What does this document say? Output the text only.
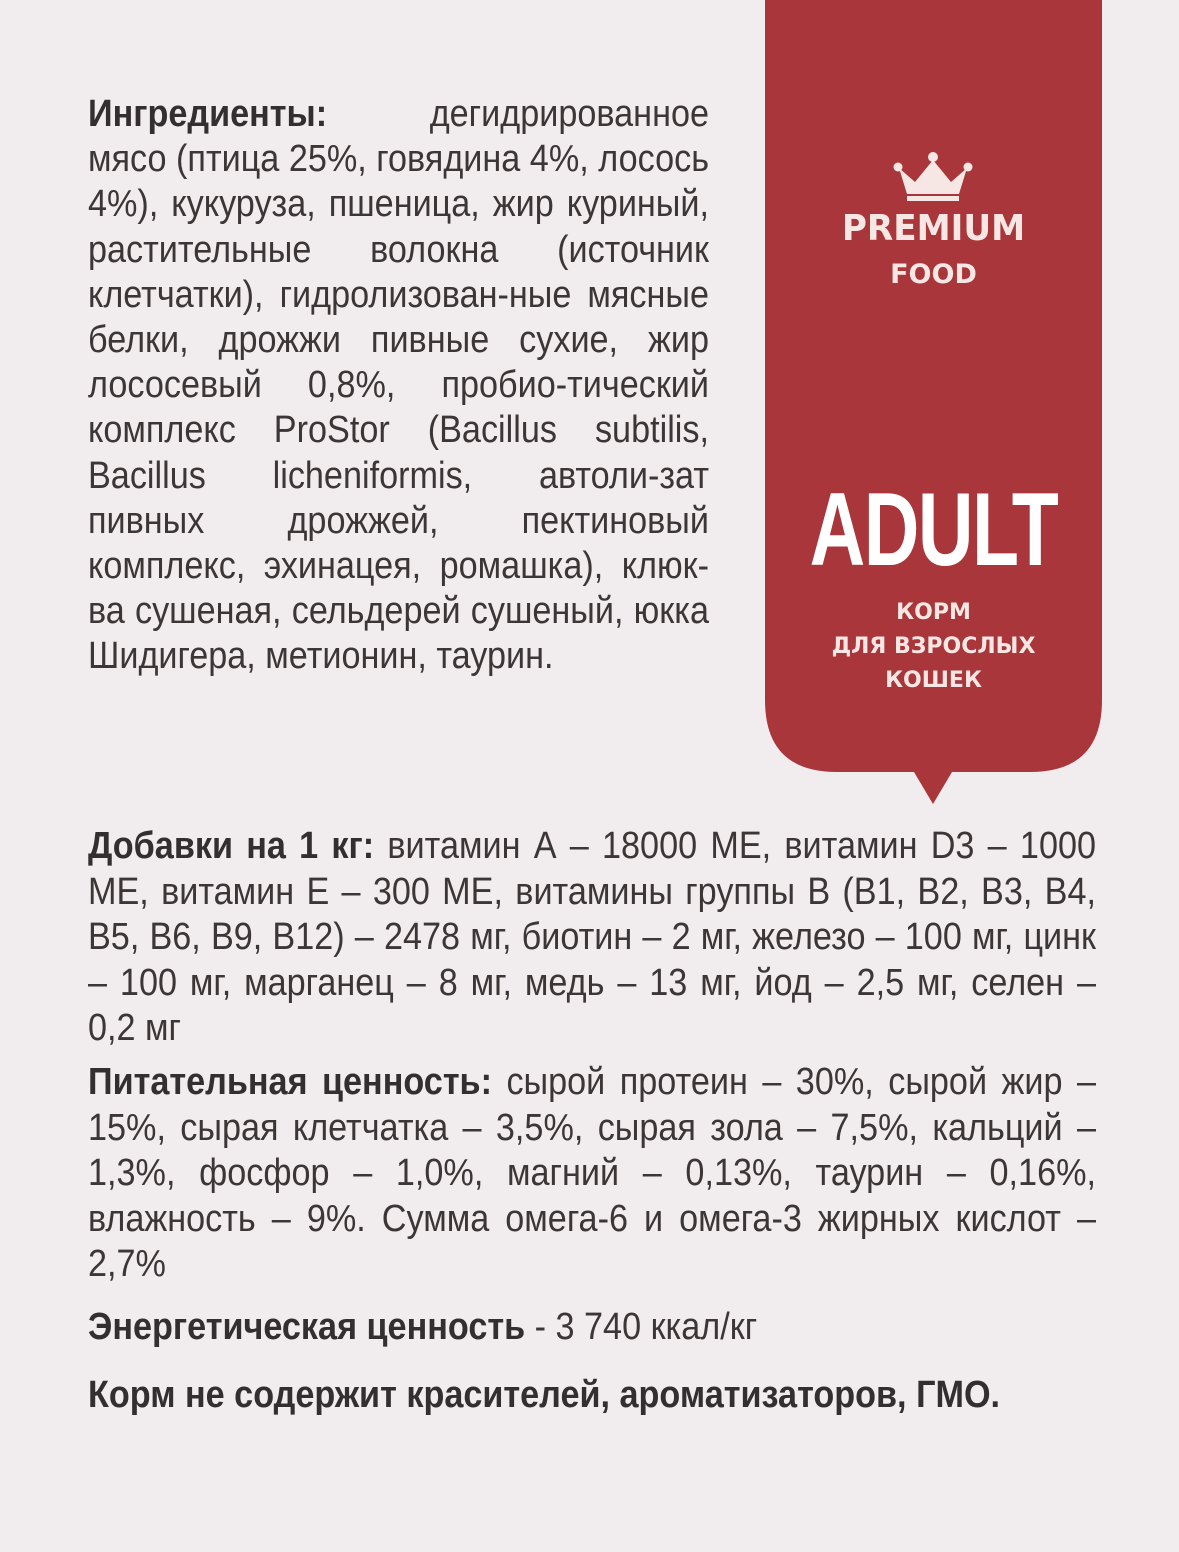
Ингредиенты:	дегидрированное мясо (птица 25%, говядина 4%, лосось 4%), кукуруза, пшеница, жир куриный, растительные волокна (источник клетчатки), гидролизован-ные мясные белки, дрожжи пивные сухие, жир лососевый 0,8%, пробио-тический комплекс ProStor (Bacillus subtilis, Bacillus licheniformis, автоли-зат пивных дрожжей, пектиновый комплекс, эхинацея, ромашка), клюк-ва сушеная, сельдерей сушеный, юкка Шидигера, метионин, таурин.
Добавки на 1 кг: витамин А – 18000 МЕ, витамин D3 – 1000 МЕ, витамин Е – 300 МЕ, витамины группы В (В1, В2, В3, В4, В5, В6, В9, В12) – 2478 мг, биотин – 2 мг, железо – 100 мг, цинк – 100 мг, марганец – 8 мг, медь – 13 мг, йод – 2,5 мг, селен – 0,2 мг
Питательная ценность: сырой протеин – 30%, сырой жир – 15%, сырая клетчатка – 3,5%, сырая зола – 7,5%, кальций – 1,3%, фосфор – 1,0%, магний – 0,13%, таурин – 0,16%, влажность – 9%. Сумма омега-6 и омега-3 жирных кислот – 2,7%
Энергетическая ценность - 3 740 ккал/кг
Корм не содержит красителей, ароматизаторов, ГМО.
PREMIUM
FOOD
ADULT
КОРМ
ДЛЯ ВЗРОСЛЫХ
КОШЕК
